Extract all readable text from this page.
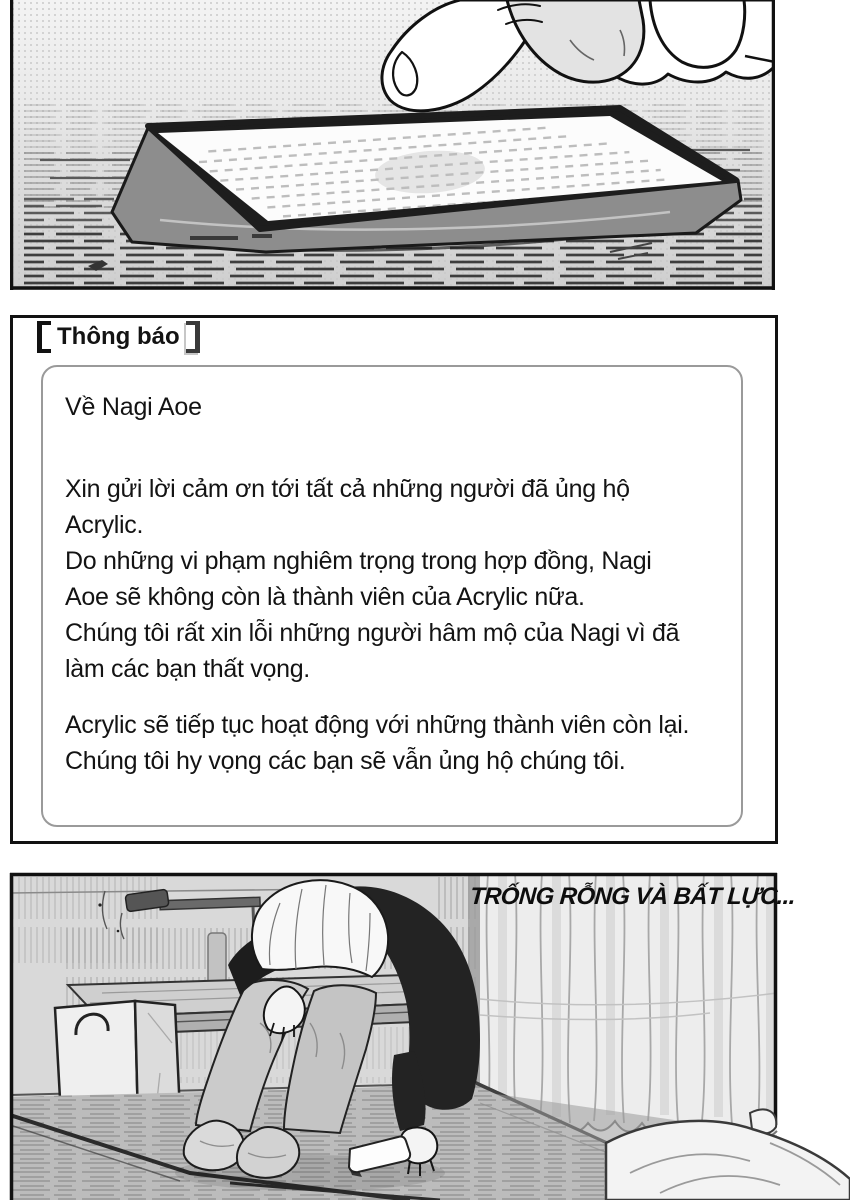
Thông báo
Về Nagi Aoe
Xin gửi lời cảm ơn tới tất cả những người đã ủng hộ
Acrylic.
Do những vi phạm nghiêm trọng trong hợp đồng, Nagi
Aoe sẽ không còn là thành viên của Acrylic nữa.
Chúng tôi rất xin lỗi những người hâm mộ của Nagi vì đã
làm các bạn thất vọng.
Acrylic sẽ tiếp tục hoạt động với những thành viên còn lại.
Chúng tôi hy vọng các bạn sẽ vẫn ủng hộ chúng tôi.
TRỐNG RỖNG VÀ BẤT LỰC...
